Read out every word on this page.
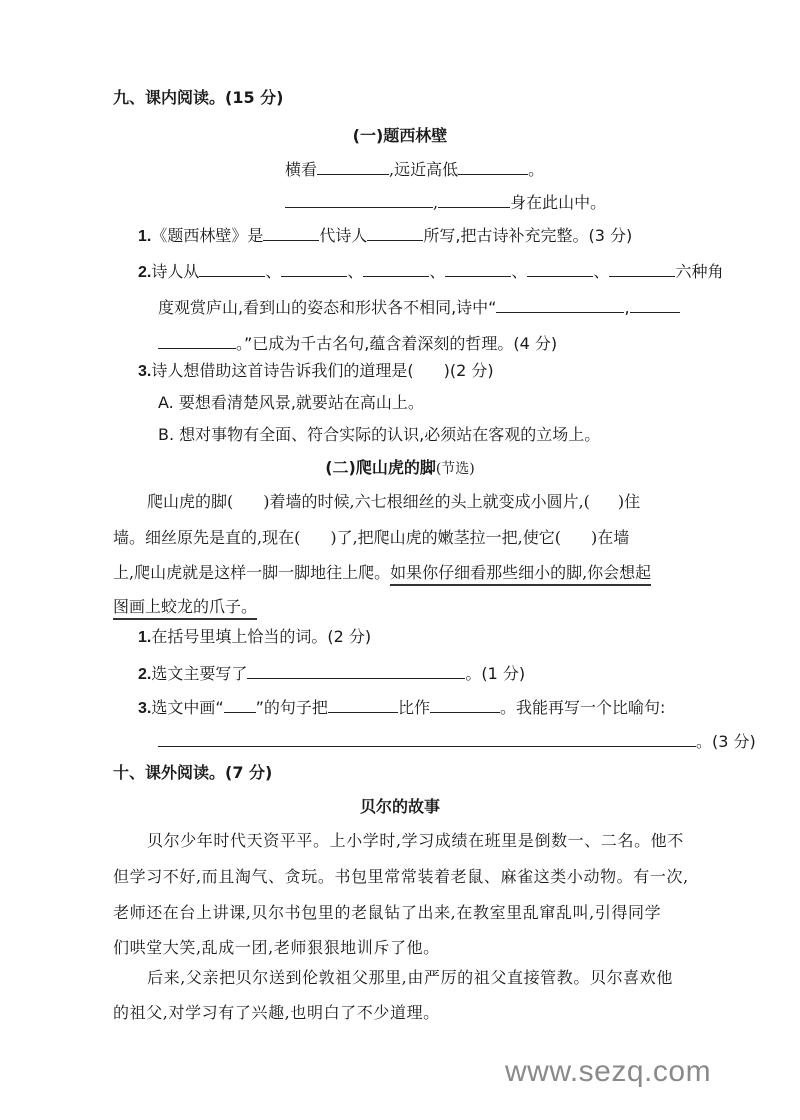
九、课内阅读。(15 分)
(一)题西林壁
横看	,远近高低	。
,	身在此山中。
1.《题西林壁》是	代诗人	所写,把古诗补充完整。(3 分)
2.诗人从	、	、	、	、	、	六种角
度观赏庐山,看到山的姿态和形状各不相同,诗中“	,
。”已成为千古名句,蕴含着深刻的哲理。(4 分)
3.诗人想借助这首诗告诉我们的道理是( )(2 分)
A. 要想看清楚风景,就要站在高山上。
B. 想对事物有全面、符合实际的认识,必须站在客观的立场上。
(二)爬山虎的脚(节选)
爬山虎的脚( )着墙的时候,六七根细丝的头上就变成小圆片,( )住
墙。细丝原先是直的,现在( )了,把爬山虎的嫩茎拉一把,使它( )在墙
上,爬山虎就是这样一脚一脚地往上爬。如果你仔细看那些细小的脚,你会想起
图画上蛟龙的爪子。
1.在括号里填上恰当的词。(2 分)
2.选文主要写了	。(1 分)
3.选文中画“ ”的句子把	比作	。我能再写一个比喻句:
。(3 分)
十、课外阅读。(7 分)
贝尔的故事
贝尔少年时代天资平平。上小学时,学习成绩在班里是倒数一、二名。他不
但学习不好,而且淘气、贪玩。书包里常常装着老鼠、麻雀这类小动物。有一次,
老师还在台上讲课,贝尔书包里的老鼠钻了出来,在教室里乱窜乱叫,引得同学
们哄堂大笑,乱成一团,老师狠狠地训斥了他。
后来,父亲把贝尔送到伦敦祖父那里,由严厉的祖父直接管教。贝尔喜欢他
的祖父,对学习有了兴趣,也明白了不少道理。
www.sezq.com
